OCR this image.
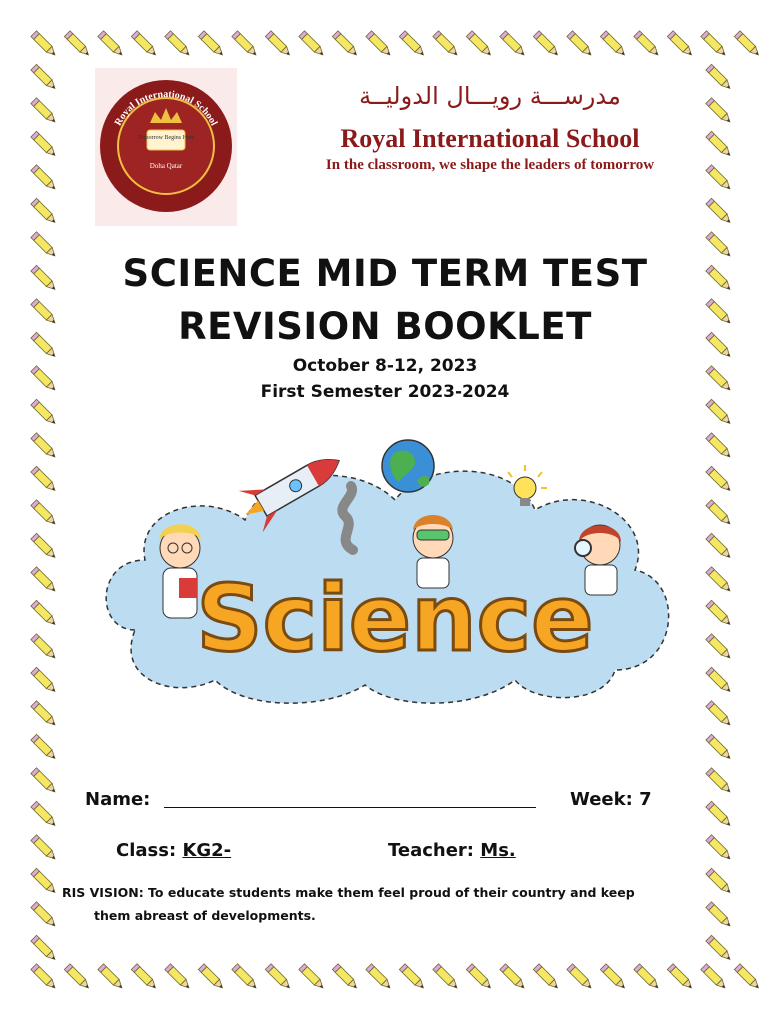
Tomorrow Begins Here
Doha Qatar
Royal International School
مدرســـة رويـــال الدوليــة
Royal International School
In the classroom, we shape the leaders of tomorrow
SCIENCE MID TERM TEST
REVISION BOOKLET
October 8-12, 2023
First Semester 2023-2024
Science
Name:	Week: 7
Class: KG2-	Teacher: Ms.
RIS VISION: To educate students make them feel proud of their country and keep
them abreast of developments.
